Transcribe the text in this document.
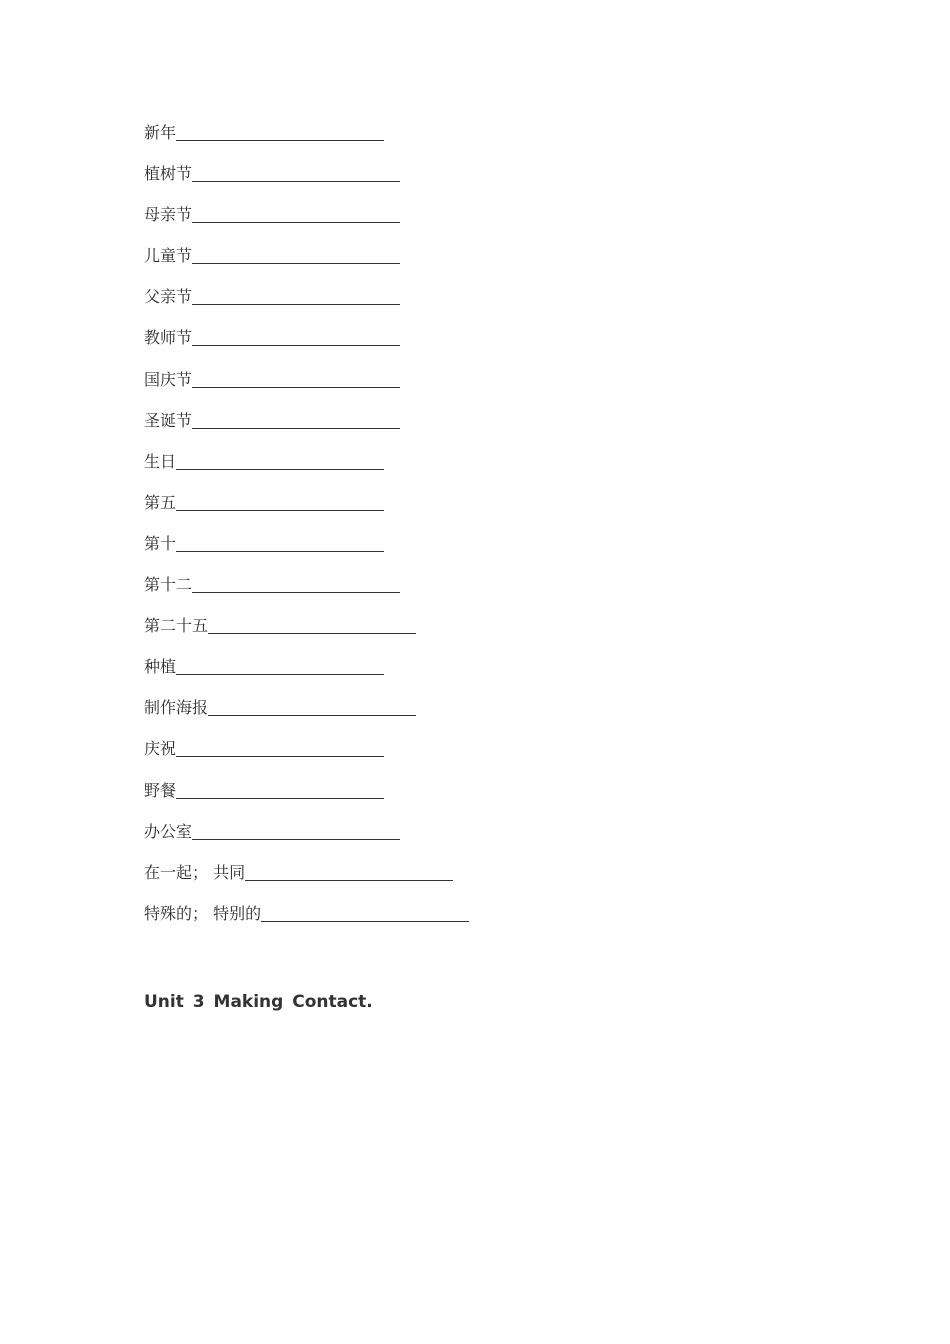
新年
植树节
母亲节
儿童节
父亲节
教师节
国庆节
圣诞节
生日
第五
第十
第十二
第二十五
种植
制作海报
庆祝
野餐
办公室
在一起； 共同
特殊的； 特别的
Unit 3 Making Contact.
